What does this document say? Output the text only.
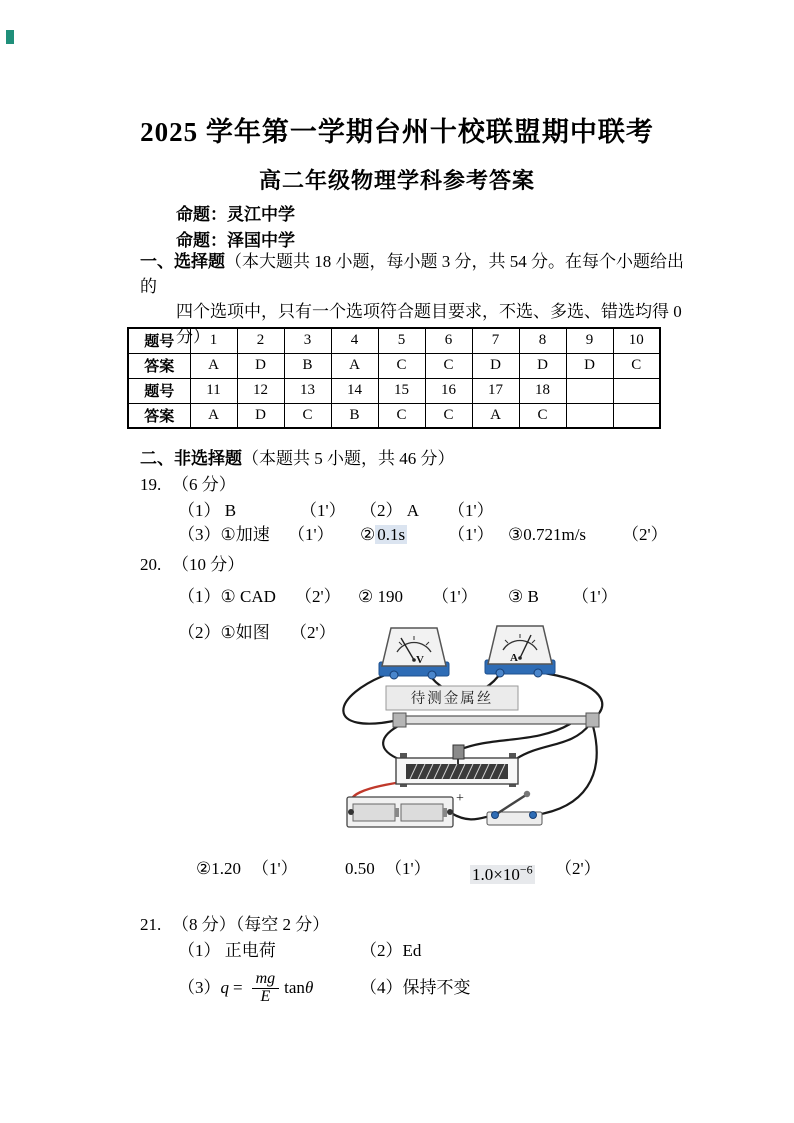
2025 学年第一学期台州十校联盟期中联考
高二年级物理学科参考答案
命题：灵江中学
命题：泽国中学
一、选择题（本大题共 18 小题，每小题 3 分，共 54 分。在每个小题给出的
四个选项中，只有一个选项符合题目要求，不选、多选、错选均得 0
分）
题号	1	2	3	4	5	6	7	8	9	10
答案	A	D	B	A	C	C	D	D	D	C
题号	11	12	13	14	15	16	17	18		
答案	A	D	C	B	C	C	A	C		
二、非选择题（本题共 5 小题，共 46 分）
19. （6 分）
（1） B	（1'） （2） A	（1'）
（3）①加速	（1'）	② 0.1s	（1'） ③0.721m/s	（2'）
20. （10 分）
（1）① CAD	（2'）	② 190	（1'）	③ B	（1'）
（2）①如图	（2'）
V	A
待测金属丝
+
②1.20 （1'）	0.50 （1'）	$1.0\times 10^{-6}$	（2'）
21. （8 分）（每空 2 分）
（1） 正电荷	（2）Ed
（3） $q = \frac{mg}{E}$ tan θ	（4）保持不变
